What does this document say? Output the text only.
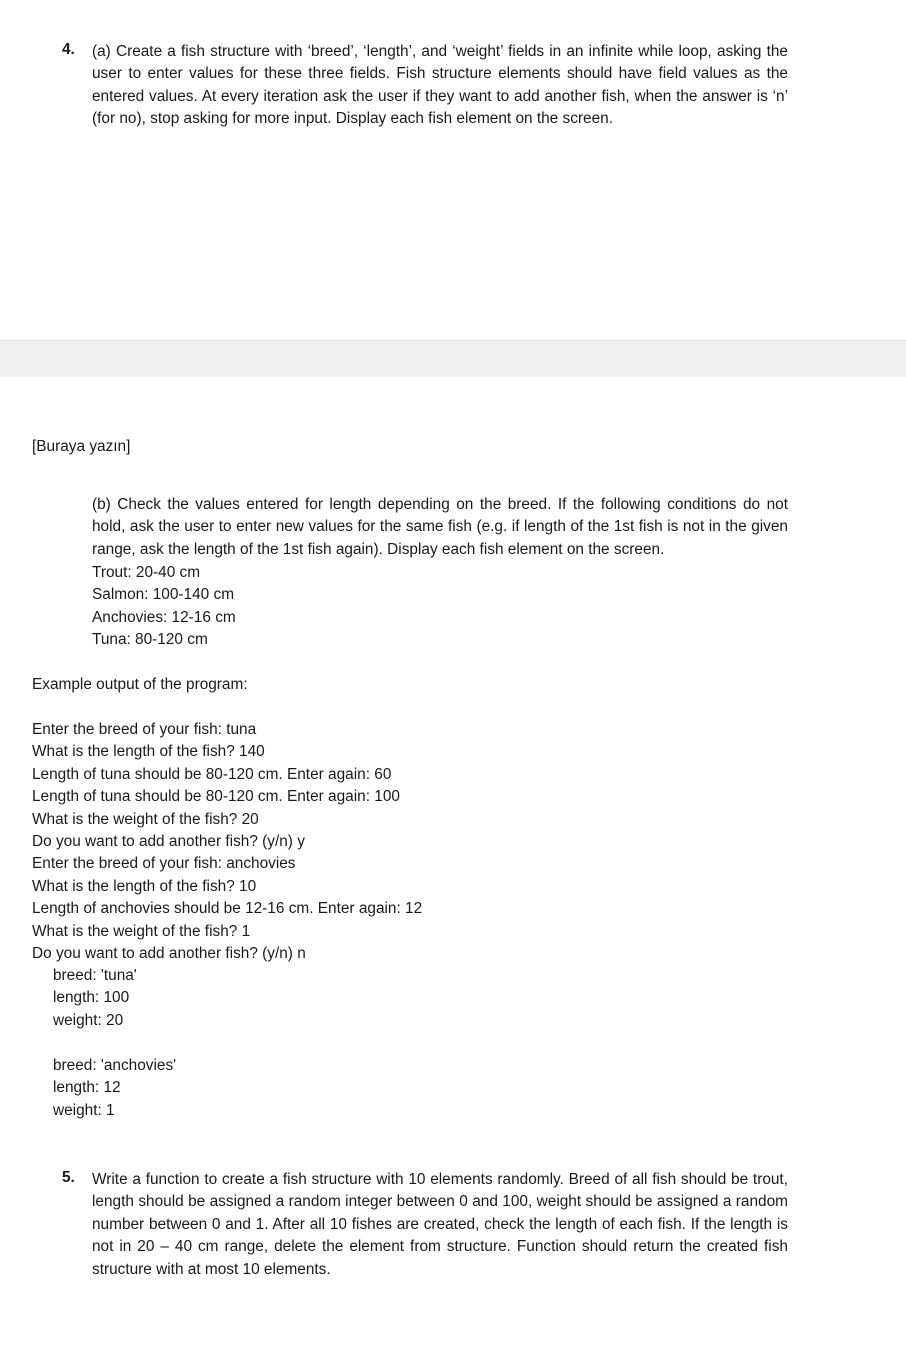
4. (a) Create a fish structure with ‘breed’, ‘length’, and ‘weight’ fields in an infinite while loop, asking the user to enter values for these three fields. Fish structure elements should have field values as the entered values. At every iteration ask the user if they want to add another fish, when the answer is ‘n’ (for no), stop asking for more input. Display each fish element on the screen.
[Buraya yazın]
(b) Check the values entered for length depending on the breed. If the following conditions do not hold, ask the user to enter new values for the same fish (e.g. if length of the 1st fish is not in the given range, ask the length of the 1st fish again). Display each fish element on the screen.
Trout: 20-40 cm
Salmon: 100-140 cm
Anchovies: 12-16 cm
Tuna: 80-120 cm
Example output of the program:
Enter the breed of your fish: tuna
What is the length of the fish? 140
Length of tuna should be 80-120 cm. Enter again: 60
Length of tuna should be 80-120 cm. Enter again: 100
What is the weight of the fish? 20
Do you want to add another fish? (y/n) y
Enter the breed of your fish: anchovies
What is the length of the fish? 10
Length of anchovies should be 12-16 cm. Enter again: 12
What is the weight of the fish? 1
Do you want to add another fish? (y/n) n
breed: 'tuna'
length: 100
weight: 20
breed: 'anchovies'
length: 12
weight: 1
5. Write a function to create a fish structure with 10 elements randomly. Breed of all fish should be trout, length should be assigned a random integer between 0 and 100, weight should be assigned a random number between 0 and 1. After all 10 fishes are created, check the length of each fish. If the length is not in 20 – 40 cm range, delete the element from structure. Function should return the created fish structure with at most 10 elements.
